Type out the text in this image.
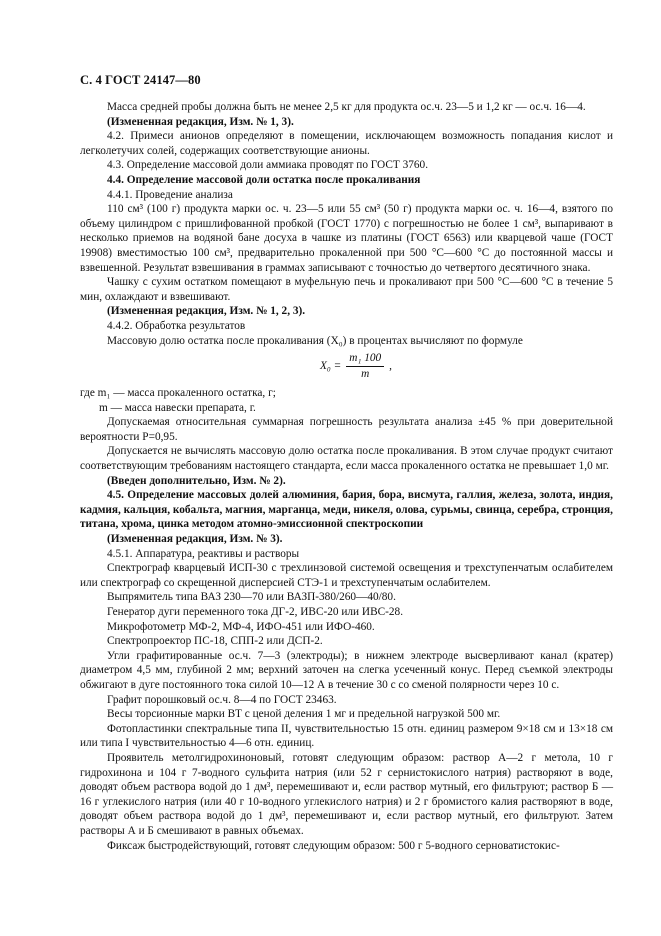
С. 4 ГОСТ 24147—80

Масса средней пробы должна быть не менее 2,5 кг для продукта ос.ч. 23—5 и 1,2 кг — ос.ч. 16—4.

(Измененная редакция, Изм. № 1, 3).

4.2. Примеси анионов определяют в помещении, исключающем возможность попадания кислот и легколетучих солей, содержащих соответствующие анионы.

4.3. Определение массовой доли аммиака проводят по ГОСТ 3760.

4.4. Определение массовой доли остатка после прокаливания

4.4.1. Проведение анализа

110 см³ (100 г) продукта марки ос. ч. 23—5 или 55 см³ (50 г) продукта марки ос. ч. 16—4, взятого по объему цилиндром с пришлифованной пробкой (ГОСТ 1770) с погрешностью не более 1 см³, выпаривают в несколько приемов на водяной бане досуха в чашке из платины (ГОСТ 6563) или кварцевой чаше (ГОСТ 19908) вместимостью 100 см³, предварительно прокаленной при 500 °С—600 °С до постоянной массы и взвешенной. Результат взвешивания в граммах записывают с точностью до четвертого десятичного знака.

Чашку с сухим остатком помещают в муфельную печь и прокаливают при 500 °С—600 °С в течение 5 мин, охлаждают и взвешивают.

(Измененная редакция, Изм. № 1, 2, 3).

4.4.2. Обработка результатов

Массовую долю остатка после прокаливания (X₀) в процентах вычисляют по формуле

$X_0 = \frac{\text{m₁ 100}}{m}$ ,

где m₁ — масса прокаленного остатка, г;

m — масса навески препарата, г.

Допускаемая относительная суммарная погрешность результата анализа ±45 % при доверительной вероятности P=0,95.

Допускается не вычислять массовую долю остатка после прокаливания. В этом случае продукт считают соответствующим требованиям настоящего стандарта, если масса прокаленного остатка не превышает 1,0 мг.

(Введен дополнительно, Изм. № 2).

4.5. Определение массовых долей алюминия, бария, бора, висмута, галлия, железа, золота, индия, кадмия, кальция, кобальта, магния, марганца, меди, никеля, олова, сурьмы, свинца, серебра, стронция, титана, хрома, цинка методом атомно-эмиссионной спектроскопии

(Измененная редакция, Изм. № 3).

4.5.1. Аппаратура, реактивы и растворы

Спектрограф кварцевый ИСП-30 с трехлинзовой системой освещения и трехступенчатым ослабителем или спектрограф со скрещенной дисперсией СТЭ-1 и трехступенчатым ослабителем.

Выпрямитель типа ВАЗ 230—70 или ВАЗП-380/260—40/80.

Генератор дуги переменного тока ДГ-2, ИВС-20 или ИВС-28.

Микрофотометр МФ-2, МФ-4, ИФО-451 или ИФО-460.

Спектропроектор ПС-18, СПП-2 или ДСП-2.

Угли графитированные ос.ч. 7—3 (электроды); в нижнем электроде высверливают канал (кратер) диаметром 4,5 мм, глубиной 2 мм; верхний заточен на слегка усеченный конус. Перед съемкой электроды обжигают в дуге постоянного тока силой 10—12 А в течение 30 с со сменой полярности через 10 с.

Графит порошковый ос.ч. 8—4 по ГОСТ 23463.

Весы торсионные марки ВТ с ценой деления 1 мг и предельной нагрузкой 500 мг.

Фотопластинки спектральные типа II, чувствительностью 15 отн. единиц размером 9×18 см и 13×18 см или типа I чувствительностью 4—6 отн. единиц.

Проявитель метолгидрохиноновый, готовят следующим образом: раствор А—2 г метола, 10 г гидрохинона и 104 г 7-водного сульфита натрия (или 52 г сернистокислого натрия) растворяют в воде, доводят объем раствора водой до 1 дм³, перемешивают и, если раствор мутный, его фильтруют; раствор Б — 16 г углекислого натрия (или 40 г 10-водного углекислого натрия) и 2 г бромистого калия растворяют в воде, доводят объем раствора водой до 1 дм³, перемешивают и, если раствор мутный, его фильтруют. Затем растворы А и Б смешивают в равных объемах.

Фиксаж быстродействующий, готовят следующим образом: 500 г 5-водного серноватистокис-
